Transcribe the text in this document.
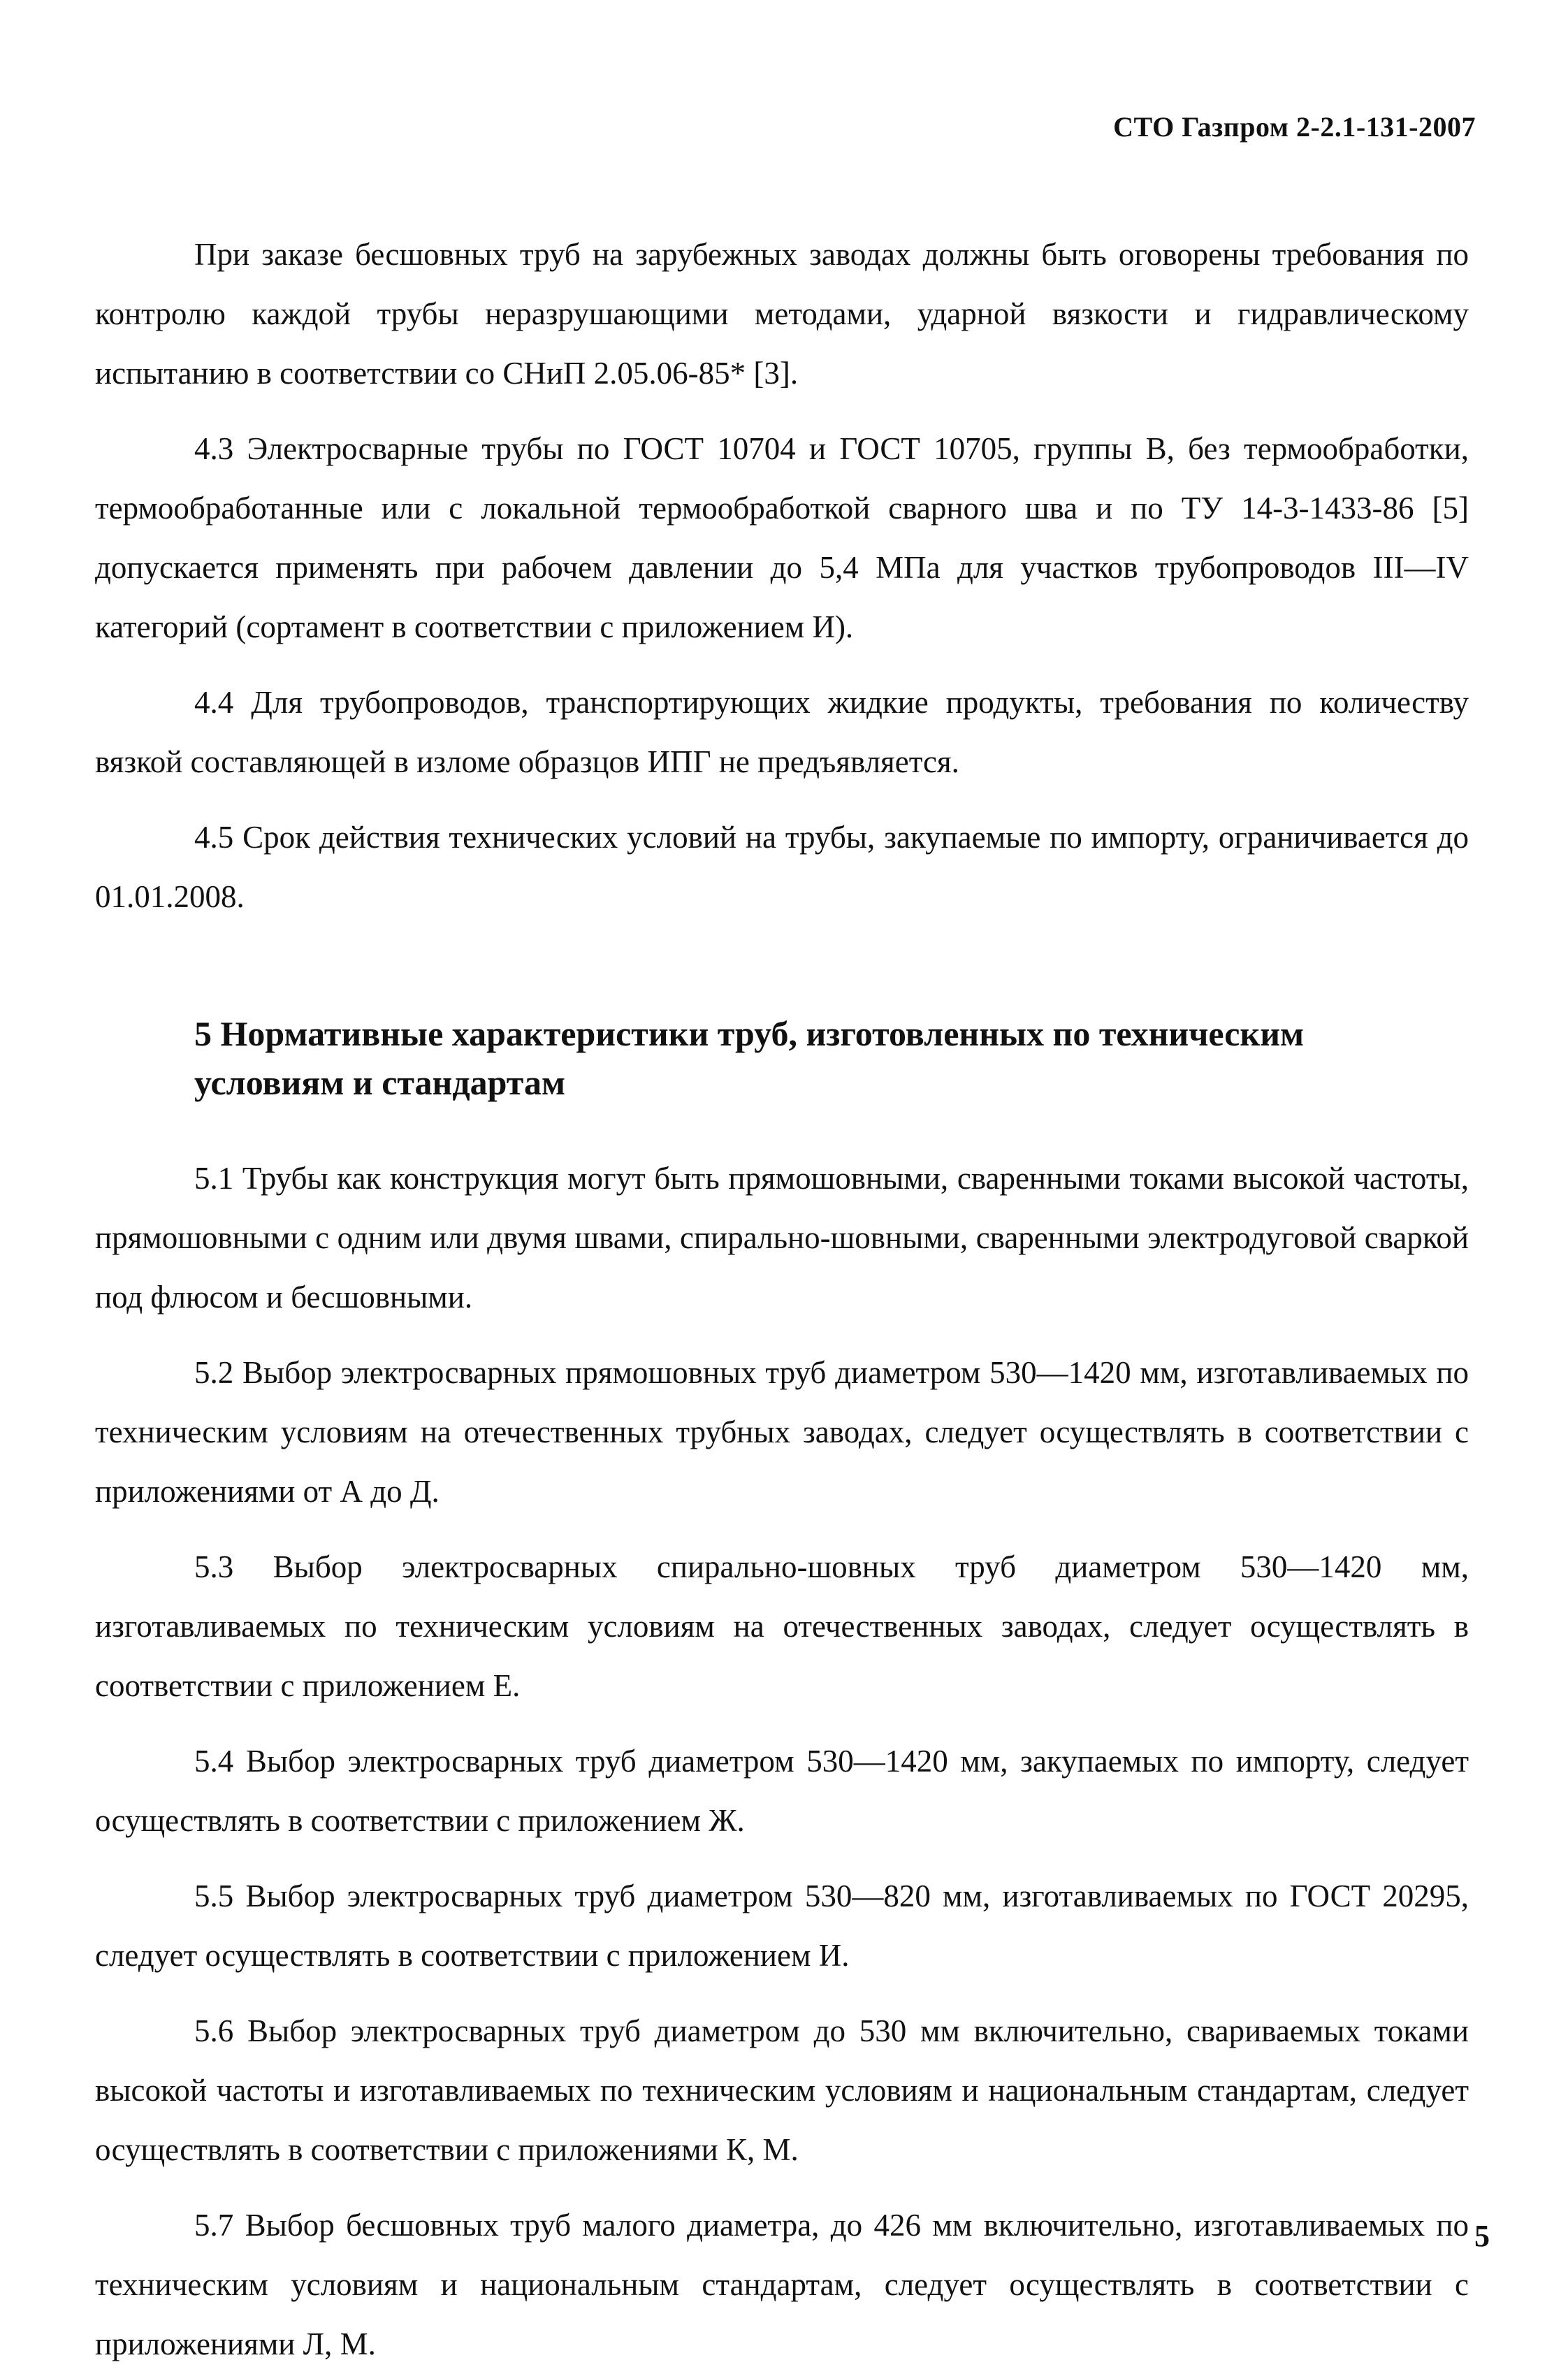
СТО Газпром 2-2.1-131-2007

При заказе бесшовных труб на зарубежных заводах должны быть оговорены требования по контролю каждой трубы неразрушающими методами, ударной вязкости и гидравлическому испытанию в соответствии со СНиП 2.05.06-85* [3].

4.3 Электросварные трубы по ГОСТ 10704 и ГОСТ 10705, группы В, без термообработки, термообработанные или с локальной термообработкой сварного шва и по ТУ 14-3-1433-86 [5] допускается применять при рабочем давлении до 5,4 МПа для участков трубопроводов III—IV категорий (сортамент в соответствии с приложением И).

4.4 Для трубопроводов, транспортирующих жидкие продукты, требования по количеству вязкой составляющей в изломе образцов ИПГ не предъявляется.

4.5 Срок действия технических условий на трубы, закупаемые по импорту, ограничивается до 01.01.2008.

5 Нормативные характеристики труб, изготовленных по техническим условиям и стандартам

5.1 Трубы как конструкция могут быть прямошовными, сваренными токами высокой частоты, прямошовными с одним или двумя швами, спирально-шовными, сваренными электродуговой сваркой под флюсом и бесшовными.

5.2 Выбор электросварных прямошовных труб диаметром 530—1420 мм, изготавливаемых по техническим условиям на отечественных трубных заводах, следует осуществлять в соответствии с приложениями от А до Д.

5.3 Выбор электросварных спирально-шовных труб диаметром 530—1420 мм, изготавливаемых по техническим условиям на отечественных заводах, следует осуществлять в соответствии с приложением Е.

5.4 Выбор электросварных труб диаметром 530—1420 мм, закупаемых по импорту, следует осуществлять в соответствии с приложением Ж.

5.5 Выбор электросварных труб диаметром 530—820 мм, изготавливаемых по ГОСТ 20295, следует осуществлять в соответствии с приложением И.

5.6 Выбор электросварных труб диаметром до 530 мм включительно, свариваемых токами высокой частоты и изготавливаемых по техническим условиям и национальным стандартам, следует осуществлять в соответствии с приложениями К, М.

5.7 Выбор бесшовных труб малого диаметра, до 426 мм включительно, изготавливаемых по техническим условиям и национальным стандартам, следует осуществлять в соответствии с приложениями Л, М.

5
